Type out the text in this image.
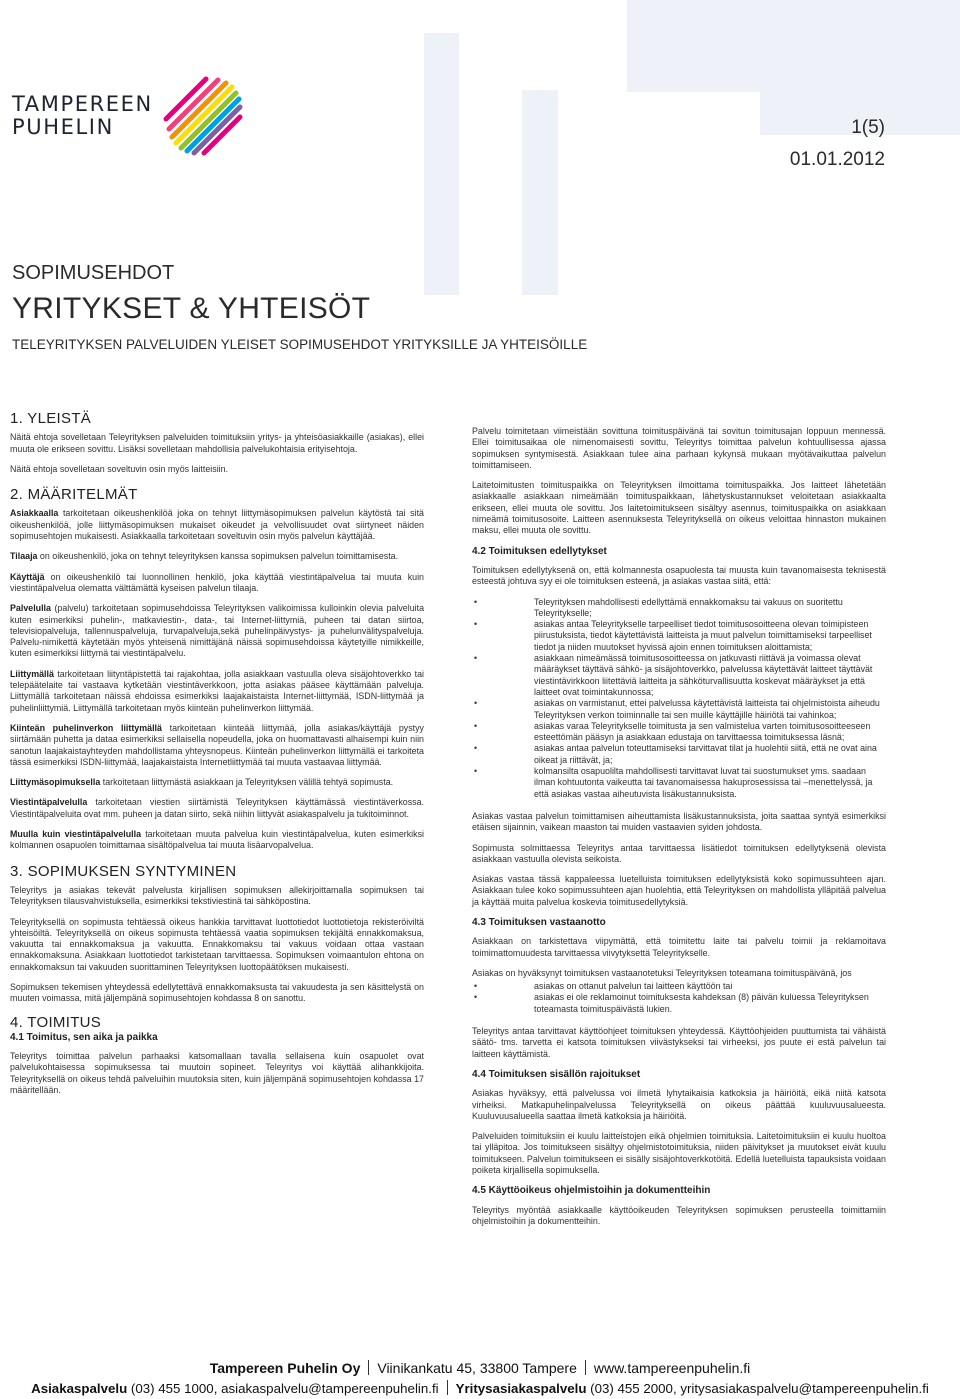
TAMPEREEN
PUHELIN	1(5)
01.01.2012

SOPIMUSEHDOT

YRITYKSET & YHTEISÖT

TELEYRITYKSEN PALVELUIDEN YLEISET SOPIMUSEHDOT YRITYKSILLE JA YHTEISÖILLE

1. YLEISTÄ

Näitä ehtoja sovelletaan Teleyrityksen palveluiden toimituksiin yritys- ja yhteisöasiakkaille (asiakas), ellei muuta ole erikseen sovittu. Lisäksi sovelletaan mahdollisia palvelukohtaisia erityisehtoja.

Näitä ehtoja sovelletaan soveltuvin osin myös laitteisiin.

2. MÄÄRITELMÄT

Asiakkaalla tarkoitetaan oikeushenkilöä joka on tehnyt liittymäsopimuksen palvelun käytöstä tai sitä oikeushenkilöä, jolle liittymäsopimuksen mukaiset oikeudet ja velvollisuudet ovat siirtyneet näiden sopimusehtojen mukaisesti. Asiakkaalla tarkoitetaan soveltuvin osin myös palvelun käyttäjää.

Tilaaja on oikeushenkilö, joka on tehnyt teleyrityksen kanssa sopimuksen palvelun toimittamisesta.

Käyttäjä on oikeushenkilö tai luonnollinen henkilö, joka käyttää viestintäpalvelua tai muuta kuin viestintäpalvelua olematta välttämättä kyseisen palvelun tilaaja.

Palvelulla (palvelu) tarkoitetaan sopimusehdoissa Teleyrityksen valikoimissa kulloinkin olevia palveluita kuten esimerkiksi puhelin-, matkaviestin-, data-, tai Internet-liittymiä, puheen tai datan siirtoa, televisiopalveluja, tallennuspalveluja, turvapalveluja,sekä puhelinpäivystys- ja puhelunvälityspalveluja. Palvelu-nimikettä käytetään myös yhteisenä nimittäjänä näissä sopimusehdoissa käytetyille nimikkeille, kuten esimerkiksi liittymä tai viestintäpalvelu.

Liittymällä tarkoitetaan liityntäpistettä tai rajakohtaa, jolla asiakkaan vastuulla oleva sisäjohtoverkko tai telepäätelaite tai vastaava kytketään viestintäverkkoon, jotta asiakas pääsee käyttämään palveluja. Liittymällä tarkoitetaan näissä ehdoissa esimerkiksi laajakaistaista Internet-liittymää, ISDN-liittymää ja puhelinliittymiä. Liittymällä tarkoitetaan myös kiinteän puhelinverkon liittymää.

Kiinteän puhelinverkon liittymällä tarkoitetaan kiinteää liittymää, jolla asiakas/käyttäjä pystyy siirtämään puhetta ja dataa esimerkiksi sellaisella nopeudella, joka on huomattavasti alhaisempi kuin niin sanotun laajakaistayhteyden mahdollistama yhteysnopeus. Kiinteän puhelinverkon liittymällä ei tarkoiteta tässä esimerkiksi ISDN-liittymää, laajakaistaista Internetliittymää tai muuta vastaavaa liittymää.

Liittymäsopimuksella tarkoitetaan liittymästä asiakkaan ja Teleyrityksen välillä tehtyä sopimusta.

Viestintäpalvelulla tarkoitetaan viestien siirtämistä Teleyrityksen käyttämässä viestintäverkossa. Viestintäpalveluita ovat mm. puheen ja datan siirto, sekä niihin liittyvät asiakaspalvelu ja tukitoiminnot.

Muulla kuin viestintäpalvelulla tarkoitetaan muuta palvelua kuin viestintäpalvelua, kuten esimerkiksi kolmannen osapuolen toimittamaa sisältöpalvelua tai muuta lisäarvopalvelua.

3. SOPIMUKSEN SYNTYMINEN

Teleyritys ja asiakas tekevät palvelusta kirjallisen sopimuksen allekirjoittamalla sopimuksen tai Teleyrityksen tilausvahvistuksella, esimerkiksi tekstiviestinä tai sähköpostina.

Teleyrityksellä on sopimusta tehtäessä oikeus hankkia tarvittavat luottotiedot luottotietoja rekisteröiviltä yhteisöiltä. Teleyrityksellä on oikeus sopimusta tehtäessä vaatia sopimuksen tekijältä ennakkomaksua, vakuutta tai ennakkomaksua ja vakuutta. Ennakkomaksu tai vakuus voidaan ottaa vastaan ennakkomaksuna. Asiakkaan luottotiedot tarkistetaan tarvittaessa. Sopimuksen voimaantulon ehtona on ennakkomaksun tai vakuuden suorittaminen Teleyrityksen luottopäätöksen mukaisesti.

Sopimuksen tekemisen yhteydessä edellytettävä ennakkomaksusta tai vakuudesta ja sen käsittelystä on muuten voimassa, mitä jäljempänä sopimusehtojen kohdassa 8 on sanottu.

4. TOIMITUS
4.1 Toimitus, sen aika ja paikka

Teleyritys toimittaa palvelun parhaaksi katsomallaan tavalla sellaisena kuin osapuolet ovat palvelukohtaisessa sopimuksessa tai muutoin sopineet. Teleyritys voi käyttää alihankkijoita. Teleyrityksellä on oikeus tehdä palveluihin muutoksia siten, kuin jäljempänä sopimusehtojen kohdassa 17 määritellään.

Palvelu toimitetaan viimeistään sovittuna toimituspäivänä tai sovitun toimitusajan loppuun mennessä. Ellei toimitusaikaa ole nimenomaisesti sovittu, Teleyritys toimittaa palvelun kohtuullisessa ajassa sopimuksen syntymisestä. Asiakkaan tulee aina parhaan kykynsä mukaan myötävaikuttaa palvelun toimittamiseen.

Laitetoimitusten toimituspaikka on Teleyrityksen ilmoittama toimituspaikka. Jos laitteet lähetetään asiakkaalle asiakkaan nimeämään toimituspaikkaan, lähetyskustannukset veloitetaan asiakkaalta erikseen, ellei muuta ole sovittu. Jos laitetoimitukseen sisältyy asennus, toimituspaikka on asiakkaan nimeämä toimitusosoite. Laitteen asennuksesta Teleyrityksellä on oikeus veloittaa hinnaston mukainen maksu, ellei muuta ole sovittu.

4.2 Toimituksen edellytykset

Toimituksen edellytyksenä on, että kolmannesta osapuolesta tai muusta kuin tavanomaisesta teknisestä esteestä johtuva syy ei ole toimituksen esteenä, ja asiakas vastaa siitä, että:

•	Teleyrityksen mahdollisesti edellyttämä ennakkomaksu tai vakuus on suoritettu Teleyritykselle;
•	asiakas antaa Teleyritykselle tarpeelliset tiedot toimitusosoitteena olevan toimipisteen piirustuksista, tiedot käytettävistä laitteista ja muut palvelun toimittamiseksi tarpeelliset tiedot ja niiden muutokset hyvissä ajoin ennen toimituksen aloittamista;
•	asiakkaan nimeämässä toimitusosoitteessa on jatkuvasti riittävä ja voimassa olevat määräykset täyttävä sähkö- ja sisäjohtoverkko, palvelussa käytettävät laitteet täyttävät viestintävirkkoon liitettäviä laitteita ja sähköturvallisuutta koskevat määräykset ja että laitteet ovat toimintakunnossa;
•	asiakas on varmistanut, ettei palvelussa käytettävistä laitteista tai ohjelmistoista aiheudu Teleyrityksen verkon toiminnalle tai sen muille käyttäjille häiriötä tai vahinkoa;
•	asiakas varaa Teleyritykselle toimitusta ja sen valmistelua varten toimitusosoitteeseen
esteettömän pääsyn ja asiakkaan edustaja on tarvittaessa toimituksessa läsnä;
•	asiakas antaa palvelun toteuttamiseksi tarvittavat tilat ja huolehtii siitä, että ne ovat aina oikeat ja riittävät, ja;
•	kolmansilta osapuolilta mahdollisesti tarvittavat luvat tai suostumukset yms. saadaan ilman kohtuutonta vaikeutta tai tavanomaisessa hakuprosessissa tai –menettelyssä, ja että asiakas vastaa aiheutuvista lisäkustannuksista.

Asiakas vastaa palvelun toimittamisen aiheuttamista lisäkustannuksista, joita saattaa syntyä esimerkiksi etäisen sijainnin, vaikean maaston tai muiden vastaavien syiden johdosta.

Sopimusta solmittaessa Teleyritys antaa tarvittaessa lisätiedot toimituksen edellytyksenä olevista asiakkaan vastuulla olevista seikoista.

Asiakas vastaa tässä kappaleessa luetelluista toimituksen edellytyksistä koko sopimussuhteen ajan. Asiakkaan tulee koko sopimussuhteen ajan huolehtia, että Teleyrityksen on mahdollista ylläpitää palvelua ja käyttää muita palvelua koskevia toimitusedellytyksiä.

4.3 Toimituksen vastaanotto

Asiakkaan on tarkistettava viipymättä, että toimitettu laite tai palvelu toimii ja reklamoitava toimimattomuudesta tarvittaessa viivytyksettä Teleyritykselle.

Asiakas on hyväksynyt toimituksen vastaanotetuksi Teleyrityksen toteamana toimituspäivänä, jos

•	asiakas on ottanut palvelun tai laitteen käyttöön tai
•	asiakas ei ole reklamoinut toimituksesta kahdeksan (8) päivän kuluessa Teleyrityksen toteamasta toimituspäivästä lukien.

Teleyritys antaa tarvittavat käyttöohjeet toimituksen yhteydessä. Käyttöohjeiden puuttumista tai vähäistä säätö- tms. tarvetta ei katsota toimituksen viivästykseksi tai virheeksi, jos puute ei estä palvelun tai laitteen käyttämistä.

4.4 Toimituksen sisällön rajoitukset

Asiakas hyväksyy, että palvelussa voi ilmetä lyhytaikaisia katkoksia ja häiriöitä, eikä niitä katsota virheiksi. Matkapuhelinpalvelussa Teleyrityksellä on oikeus päättää kuuluvuusalueesta. Kuuluvuusalueella saattaa ilmetä katkoksia ja häiriöitä.

Palveluiden toimituksiin ei kuulu laitteistojen eikä ohjelmien toimituksia. Laitetoimituksiin ei kuulu huoltoa tai ylläpitoa. Jos toimitukseen sisältyy ohjelmistotoimituksia, niiden päivitykset ja muutokset eivät kuulu toimitukseen. Palvelun toimitukseen ei sisälly sisäjohtoverkkotöitä. Edellä luetelluista tapauksista voidaan poiketa kirjallisella sopimuksella.

4.5 Käyttöoikeus ohjelmistoihin ja dokumentteihin

Teleyritys myöntää asiakkaalle käyttöoikeuden Teleyrityksen sopimuksen perusteella toimittamiin ohjelmistoihin ja dokumentteihin.

Tampereen Puhelin Oy Viinikankatu 45, 33800 Tampere www.tampereenpuhelin.fi
Asiakaspalvelu (03) 455 1000, asiakaspalvelu@tampereenpuhelin.fi Yritysasiakaspalvelu (03) 455 2000, yritysasiakaspalvelu@tampereenpuhelin.fi
